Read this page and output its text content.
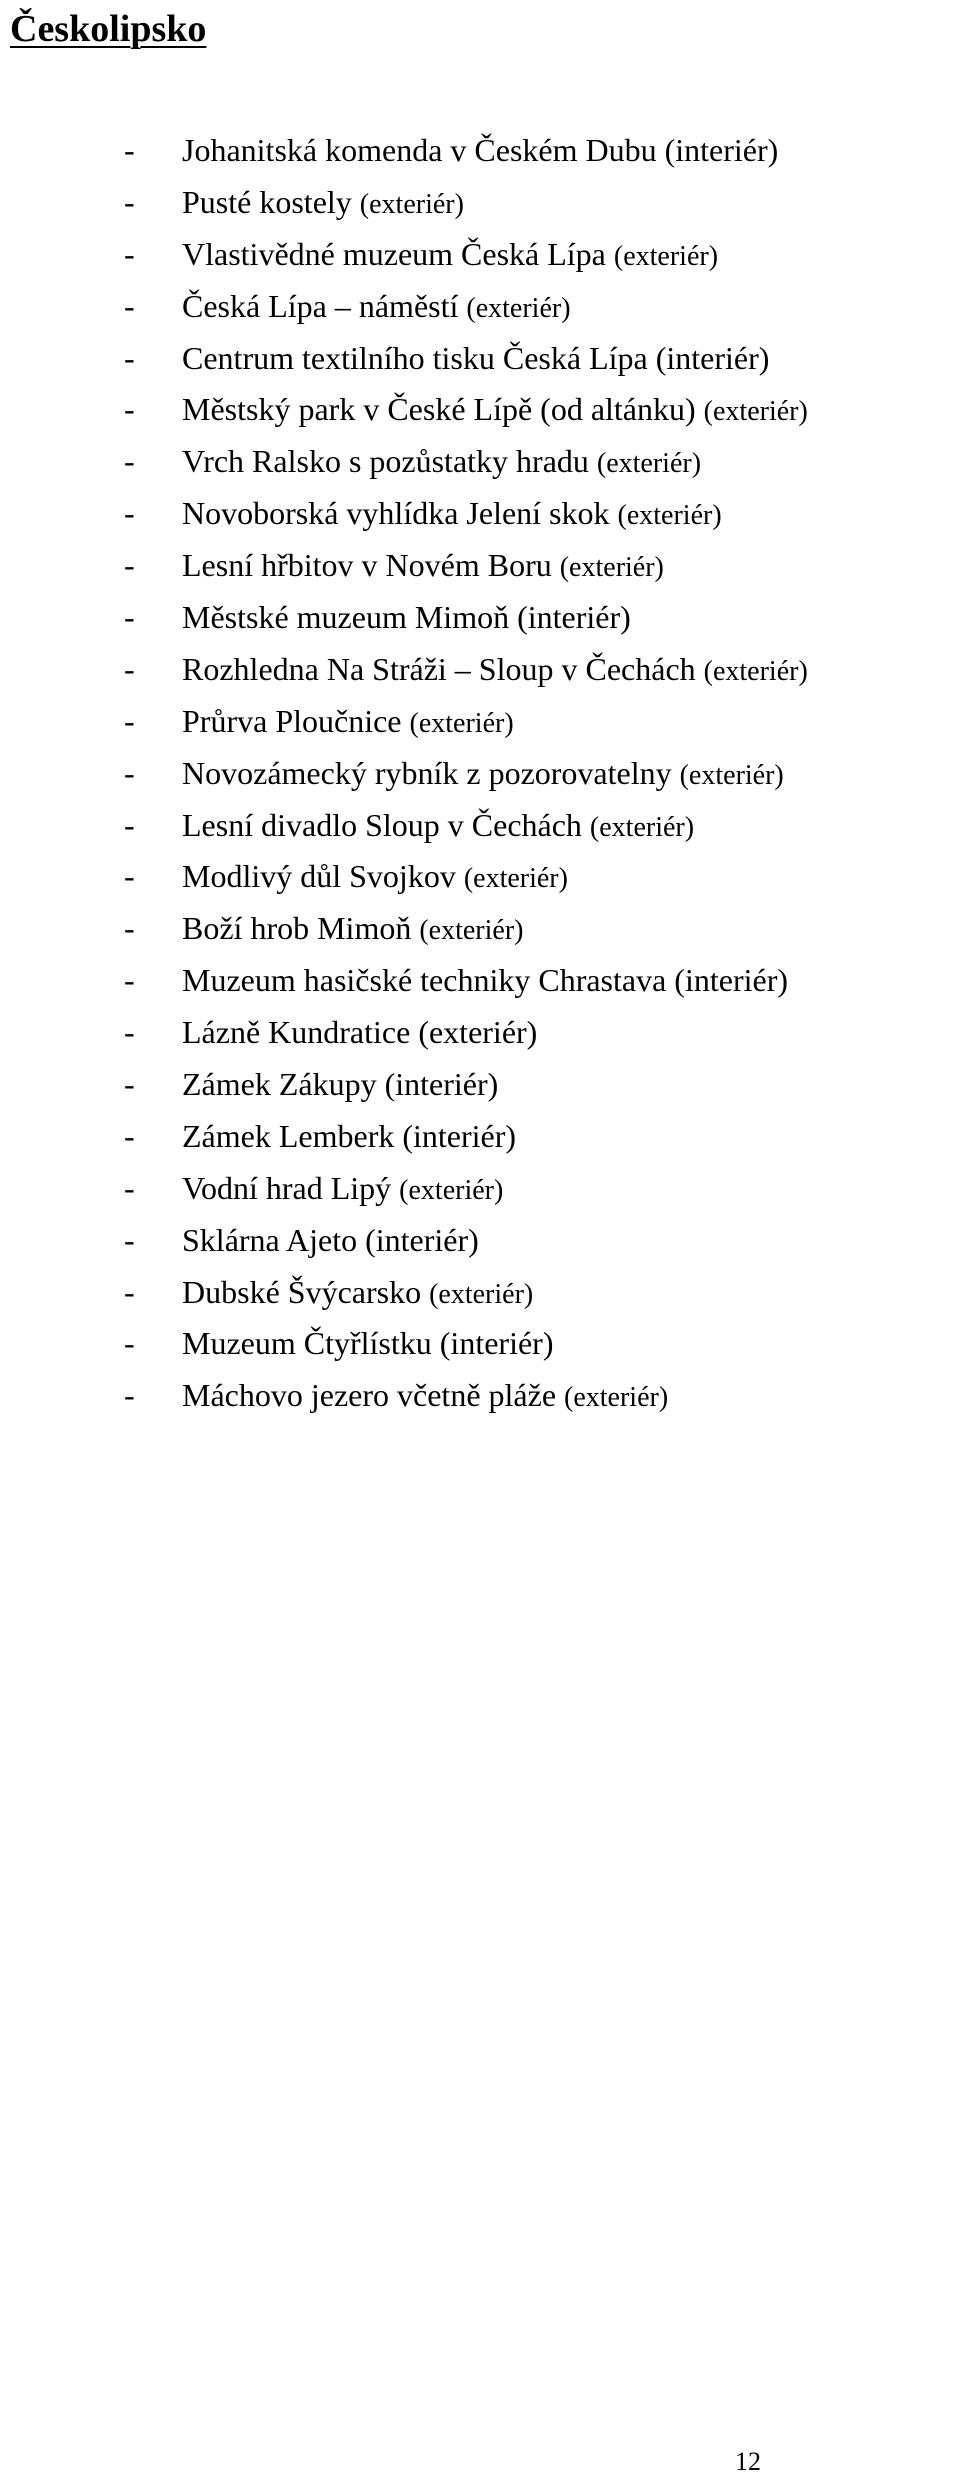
Českolipsko
- Johanitská komenda v Českém Dubu (interiér)
- Pusté kostely (exteriér)
- Vlastivědné muzeum Česká Lípa (exteriér)
- Česká Lípa – náměstí (exteriér)
- Centrum textilního tisku Česká Lípa (interiér)
- Městský park v České Lípě (od altánku) (exteriér)
- Vrch Ralsko s pozůstatky hradu (exteriér)
- Novoborská vyhlídka Jelení skok (exteriér)
- Lesní hřbitov v Novém Boru (exteriér)
- Městské muzeum Mimoň (interiér)
- Rozhledna Na Stráži – Sloup v Čechách (exteriér)
- Průrva Ploučnice (exteriér)
- Novozámecký rybník z pozorovatelny (exteriér)
- Lesní divadlo Sloup v Čechách (exteriér)
- Modlivý důl Svojkov (exteriér)
- Boží hrob Mimoň (exteriér)
- Muzeum hasičské techniky Chrastava (interiér)
- Lázně Kundratice (exteriér)
- Zámek Zákupy (interiér)
- Zámek Lemberk (interiér)
- Vodní hrad Lipý (exteriér)
- Sklárna Ajeto (interiér)
- Dubské Švýcarsko (exteriér)
- Muzeum Čtyřlístku (interiér)
- Máchovo jezero včetně pláže (exteriér)
12
